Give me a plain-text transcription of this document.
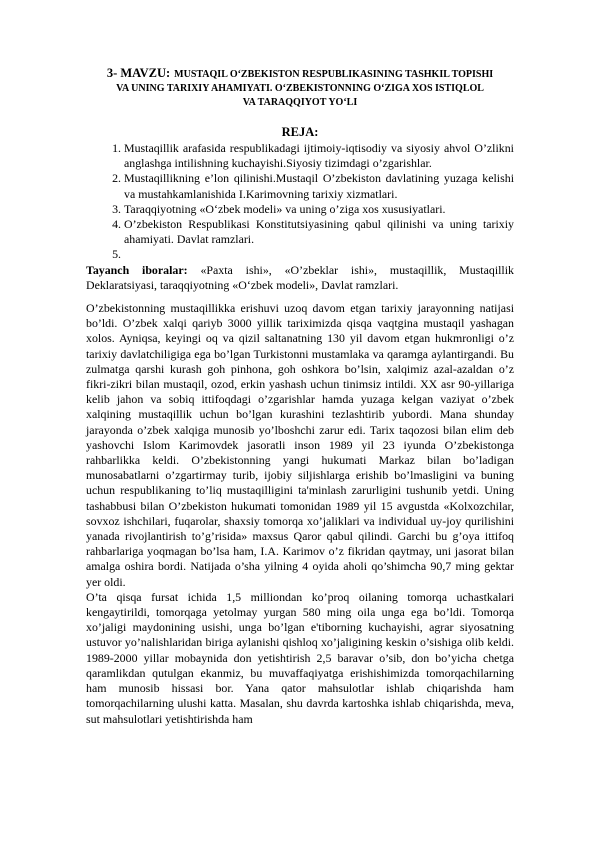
3- MAVZU: MUSTAQIL O‘ZBEKISTON RESPUBLIKASINING TASHKIL TOPISHI
VA UNING TARIXIY AHAMIYATI. O‘ZBEKISTONNING O‘ZIGA XOS ISTIQLOL
VA TARAQQIYOT YO‘LI
REJA:
1. Mustaqillik arafasida respublikadagi ijtimoiy-iqtisodiy va siyosiy ahvol O’zlikni anglashga intilishning kuchayishi.Siyosiy tizimdagi o’zgarishlar.
2. Mustaqillikning e’lon qilinishi.Mustaqil O’zbekiston davlatining yuzaga kelishi va mustahkamlanishida I.Karimovning tarixiy xizmatlari.
3. Taraqqiyotning «O‘zbek modeli» va uning o’ziga xos xususiyatlari.
4. O’zbekiston Respublikasi Konstitutsiyasining qabul qilinishi va uning tarixiy ahamiyati. Davlat ramzlari.
5.

Tayanch iboralar: «Paxta ishi», «O’zbeklar ishi», mustaqillik, Mustaqillik Deklaratsiyasi, taraqqiyotning «O‘zbek modeli», Davlat ramzlari.

O’zbekistonning mustaqillikka erishuvi uzoq davom etgan tarixiy jarayonning natijasi bo’ldi. O’zbek xalqi qariyb 3000 yillik tariximizda qisqa vaqtgina mustaqil yashagan xolos. Ayniqsa, keyingi oq va qizil saltanatning 130 yil davom etgan hukmronligi o’z tarixiy davlatchiligiga ega bo’lgan Turkistonni mustamlaka va qaramga aylantirgandi. Bu zulmatga qarshi kurash goh pinhona, goh oshkora bo’lsin, xalqimiz azal-azaldan o’z fikri-zikri bilan mustaqil, ozod, erkin yashash uchun tinimsiz intildi. XX asr 90-yillariga kelib jahon va sobiq ittifoqdagi o’zgarishlar hamda yuzaga kelgan vaziyat o’zbek xalqining mustaqillik uchun bo’lgan kurashini tezlashtirib yubordi. Mana shunday jarayonda o’zbek xalqiga munosib yo’lboshchi zarur edi. Tarix taqozosi bilan elim deb yashovchi Islom Karimovdek jasoratli inson 1989 yil 23 iyunda O’zbekistonga rahbarlikka keldi. O’zbekistonning yangi hukumati Markaz bilan bo’ladigan munosabatlarni o’zgartirmay turib, ijobiy siljishlarga erishib bo’lmasligini va buning uchun respublikaning to’liq mustaqilligini ta'minlash zarurligini tushunib yetdi. Uning tashabbusi bilan O’zbekiston hukumati tomonidan 1989 yil 15 avgustda «Kolxozchilar, sovxoz ishchilari, fuqarolar, shaxsiy tomorqa xo’jaliklari va individual uy-joy qurilishini yanada rivojlantirish to’g’risida» maxsus Qaror qabul qilindi. Garchi bu g’oya ittifoq rahbarlariga yoqmagan bo’lsa ham, I.A. Karimov o’z fikridan qaytmay, uni jasorat bilan amalga oshira bordi. Natijada o’sha yilning 4 oyida aholi qo’shimcha 90,7 ming gektar yer oldi.

O’ta qisqa fursat ichida 1,5 milliondan ko’proq oilaning tomorqa uchastkalari kengaytirildi, tomorqaga yetolmay yurgan 580 ming oila unga ega bo’ldi. Tomorqa xo’jaligi maydonining usishi, unga bo’lgan e'tiborning kuchayishi, agrar siyosatning ustuvor yo’nalishlaridan biriga aylanishi qishloq xo’jaligining keskin o’sishiga olib keldi. 1989-2000 yillar mobaynida don yetishtirish 2,5 baravar o’sib, don bo’yicha chetga qaramlikdan qutulgan ekanmiz, bu muvaffaqiyatga erishishimizda tomorqachilarning ham munosib hissasi bor. Yana qator mahsulotlar ishlab chiqarishda ham tomorqachilarning ulushi katta. Masalan, shu davrda kartoshka ishlab chiqarishda, meva, sut mahsulotlari yetishtirishda ham
